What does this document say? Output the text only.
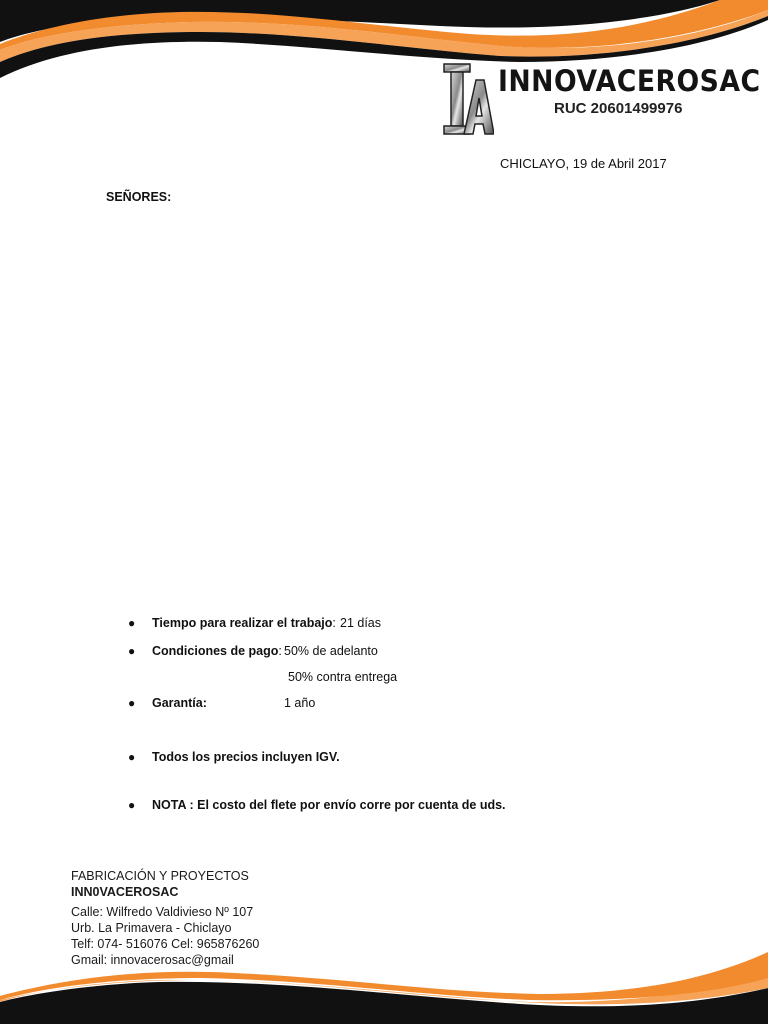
INNOVACEROSAC
RUC 20601499976
CHICLAYO, 19 de Abril 2017
SEÑORES:
● Tiempo para realizar el trabajo: 21 días
● Condiciones de pago: 50% de adelanto
50% contra entrega
● Garantía:	1 año
● Todos los precios incluyen IGV.
● NOTA : El costo del flete por envío corre por cuenta de uds.
FABRICACIÓN Y PROYECTOS
INN0VACEROSAC
Calle: Wilfredo Valdivieso Nº 107
Urb. La Primavera - Chiclayo
Telf: 074- 516076 Cel: 965876260
Gmail: innovacerosac@gmail
